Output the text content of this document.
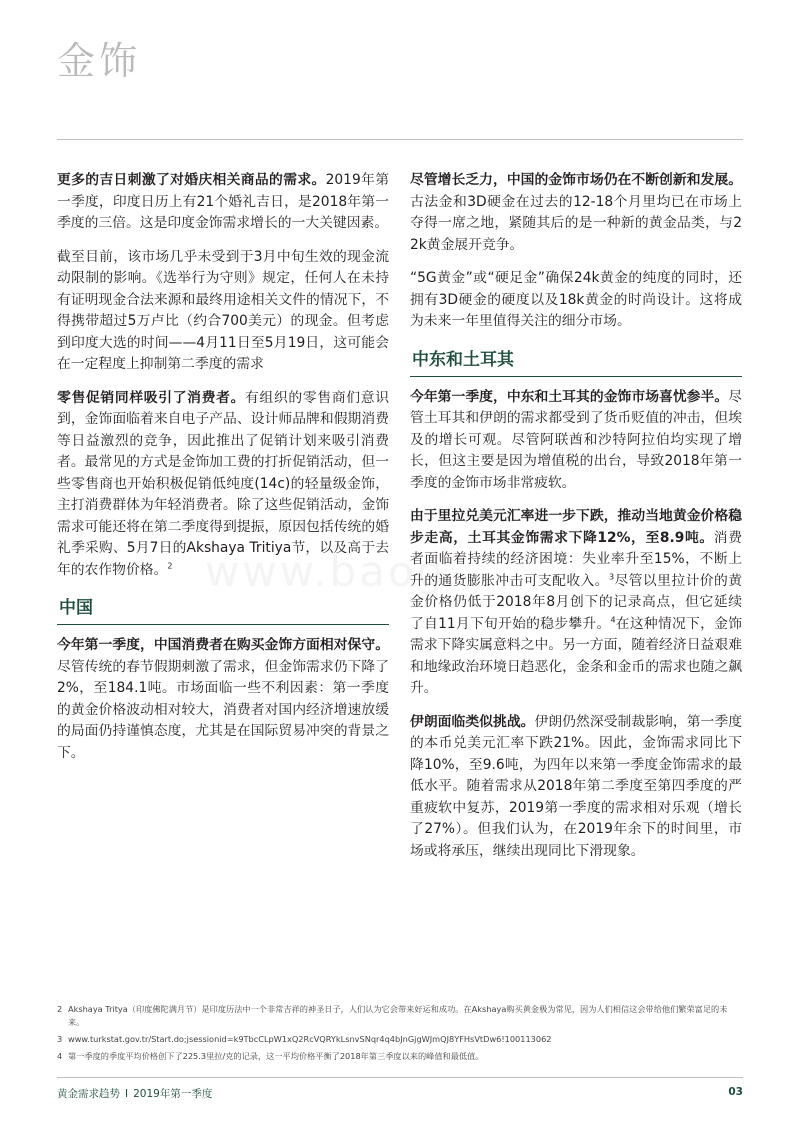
金饰

更多的吉日刺激了对婚庆相关商品的需求。2019年第一季度，印度日历上有21个婚礼吉日，是2018年第一季度的三倍。这是印度金饰需求增长的一大关键因素。

截至目前，该市场几乎未受到于3月中旬生效的现金流动限制的影响。《选举行为守则》规定，任何人在未持有证明现金合法来源和最终用途相关文件的情况下，不得携带超过5万卢比（约合700美元）的现金。但考虑到印度大选的时间——4月11日至5月19日，这可能会在一定程度上抑制第二季度的需求

零售促销同样吸引了消费者。有组织的零售商们意识到，金饰面临着来自电子产品、设计师品牌和假期消费等日益激烈的竞争，因此推出了促销计划来吸引消费者。最常见的方式是金饰加工费的打折促销活动，但一些零售商也开始积极促销低纯度(14c)的轻量级金饰，主打消费群体为年轻消费者。除了这些促销活动，金饰需求可能还将在第二季度得到提振，原因包括传统的婚礼季采购、5月7日的Akshaya Tritiya节，以及高于去年的农作物价格。$^2$

中国

今年第一季度，中国消费者在购买金饰方面相对保守。尽管传统的春节假期刺激了需求，但金饰需求仍下降了2%，至184.1吨。市场面临一些不利因素：第一季度的黄金价格波动相对较大，消费者对国内经济增速放缓的局面仍持谨慎态度，尤其是在国际贸易冲突的背景之下。

尽管增长乏力，中国的金饰市场仍在不断创新和发展。古法金和3D硬金在过去的12-18个月里均已在市场上夺得一席之地，紧随其后的是一种新的黄金品类，与22k黄金展开竞争。

“5G黄金”或“硬足金”确保24k黄金的纯度的同时，还拥有3D硬金的硬度以及18k黄金的时尚设计。这将成为未来一年里值得关注的细分市场。

中东和土耳其

今年第一季度，中东和土耳其的金饰市场喜忧参半。尽管土耳其和伊朗的需求都受到了货币贬值的冲击，但埃及的增长可观。尽管阿联酋和沙特阿拉伯均实现了增长，但这主要是因为增值税的出台，导致2018年第一季度的金饰市场非常疲软。

由于里拉兑美元汇率进一步下跌，推动当地黄金价格稳步走高，土耳其金饰需求下降12%，至8.9吨。消费者面临着持续的经济困境：失业率升至15%，不断上升的通货膨胀冲击可支配收入。$^3$尽管以里拉计价的黄金价格仍低于2018年8月创下的记录高点，但它延续了自11月下旬开始的稳步攀升。$^4$在这种情况下，金饰需求下降实属意料之中。另一方面，随着经济日益艰难和地缘政治环境日趋恶化，金条和金币的需求也随之飙升。

伊朗面临类似挑战。伊朗仍然深受制裁影响，第一季度的本币兑美元汇率下跌21%。因此，金饰需求同比下降10%，至9.6吨，为四年以来第一季度金饰需求的最低水平。随着需求从2018年第二季度至第四季度的严重疲软中复苏，2019第一季度的需求相对乐观（增长了27%）。但我们认为，在2019年余下的时间里，市场或将承压，继续出现同比下滑现象。

2 Akshaya Tritya（印度佛陀满月节）是印度历法中一个非常吉祥的神圣日子，人们认为它会带来好运和成功。在Akshaya购买黄金极为常见，因为人们相信这会带给他们繁荣富足的未来。
3 www.turkstat.gov.tr/Start.do;jsessionid=k9TbcCLpW1xQ2RcVQRYkLsnvSNqr4q4bJnGjgWJmQJ8YFHsVtDw6!100113062
4 第一季度的季度平均价格创下了225.3里拉/克的记录，这一平均价格平衡了2018年第三季度以来的峰值和最低值。
黄金需求趋势 I 2019年第一季度	03
